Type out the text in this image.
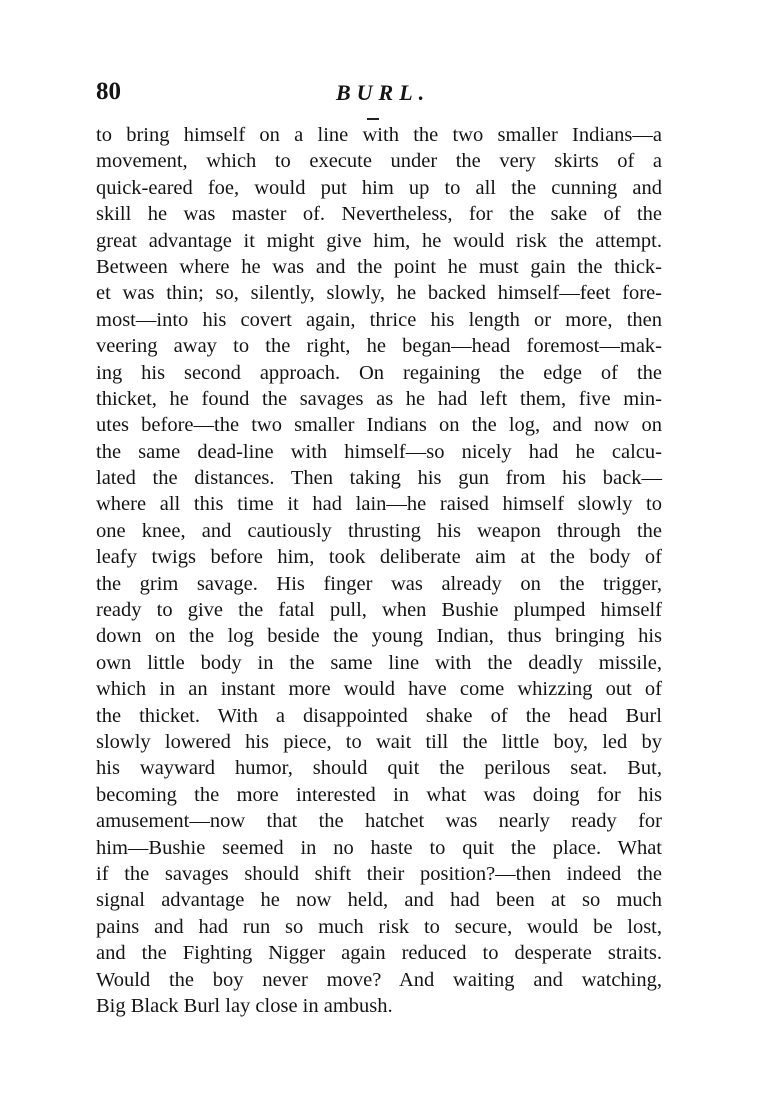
80	BURL.
to bring himself on a line with the two smaller Indians—a
movement, which to execute under the very skirts of a
quick-eared foe, would put him up to all the cunning and
skill he was master of. Nevertheless, for the sake of the
great advantage it might give him, he would risk the attempt.
Between where he was and the point he must gain the thick-
et was thin; so, silently, slowly, he backed himself—feet fore-
most—into his covert again, thrice his length or more, then
veering away to the right, he began—head foremost—mak-
ing his second approach. On regaining the edge of the
thicket, he found the savages as he had left them, five min-
utes before—the two smaller Indians on the log, and now on
the same dead-line with himself—so nicely had he calcu-
lated the distances. Then taking his gun from his back—
where all this time it had lain—he raised himself slowly to
one knee, and cautiously thrusting his weapon through the
leafy twigs before him, took deliberate aim at the body of
the grim savage. His finger was already on the trigger,
ready to give the fatal pull, when Bushie plumped himself
down on the log beside the young Indian, thus bringing his
own little body in the same line with the deadly missile,
which in an instant more would have come whizzing out of
the thicket. With a disappointed shake of the head Burl
slowly lowered his piece, to wait till the little boy, led by
his wayward humor, should quit the perilous seat. But,
becoming the more interested in what was doing for his
amusement—now that the hatchet was nearly ready for
him—Bushie seemed in no haste to quit the place. What
if the savages should shift their position?—then indeed the
signal advantage he now held, and had been at so much
pains and had run so much risk to secure, would be lost,
and the Fighting Nigger again reduced to desperate straits.
Would the boy never move? And waiting and watching,
Big Black Burl lay close in ambush.
